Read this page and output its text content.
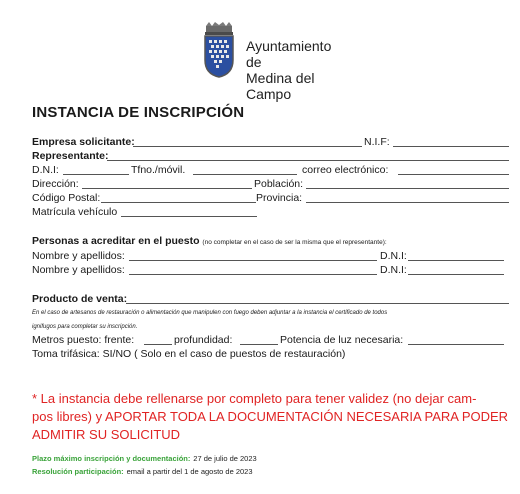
Ayuntamiento de
Medina del Campo
INSTANCIA DE INSCRIPCIÓN
Empresa solicitante:	N.I.F:
Representante:
D.N.I:	Tfno./móvil.	correo electrónico:
Dirección:	Población:
Código Postal:	Provincia:
Matrícula vehículo
Personas a acreditar en el puesto (no completar en el caso de ser la misma que el representante):
Nombre y apellidos:	D.N.I:
Nombre y apellidos:	D.N.I:
Producto de venta:
En el caso de artesanos de restauración o alimentación que manipulen con fuego deben adjuntar a la instancia el certificado de todos
ignifugos para completar su inscripción.
Metros puesto: frente:	profundidad:	Potencia de luz necesaria:
Toma trifásica: SI/NO ( Solo en el caso de puestos de restauración)
* La instancia debe rellenarse por completo para tener validez (no dejar cam-
pos libres) y APORTAR TODA LA DOCUMENTACIÓN NECESARIA PARA PODER
ADMITIR SU SOLICITUD
Plazo máximo inscripción y documentación: 27 de julio de 2023
Resolución participación: email a partir del 1 de agosto de 2023
